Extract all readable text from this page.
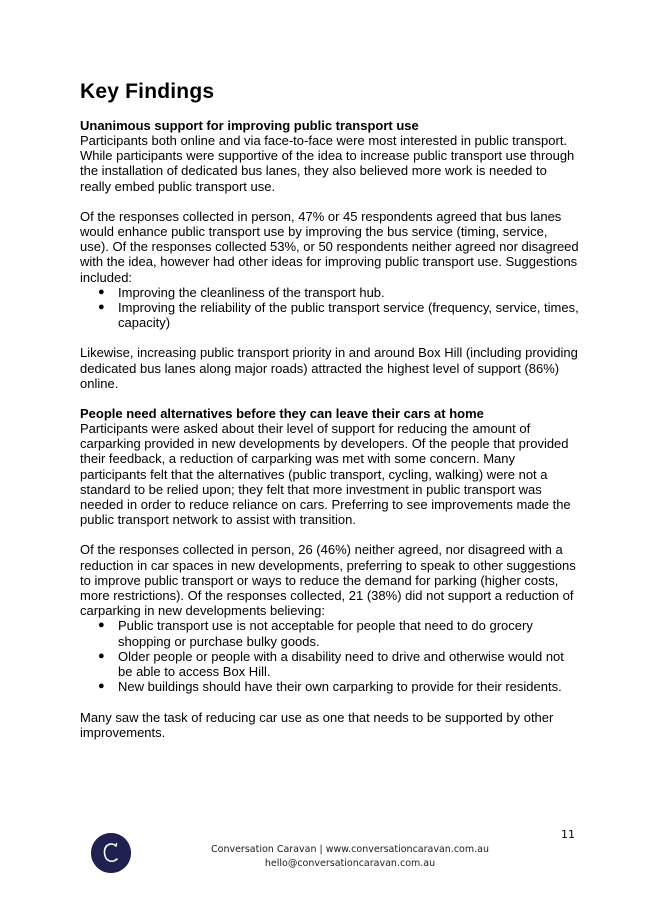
Key Findings
Unanimous support for improving public transport use

Participants both online and via face-to-face were most interested in public transport. While participants were supportive of the idea to increase public transport use through the installation of dedicated bus lanes, they also believed more work is needed to really embed public transport use.

Of the responses collected in person, 47% or 45 respondents agreed that bus lanes would enhance public transport use by improving the bus service (timing, service, use). Of the responses collected 53%, or 50 respondents neither agreed nor disagreed with the idea, however had other ideas for improving public transport use. Suggestions included:

● Improving the cleanliness of the transport hub.
● Improving the reliability of the public transport service (frequency, service, times, capacity)

Likewise, increasing public transport priority in and around Box Hill (including providing dedicated bus lanes along major roads) attracted the highest level of support (86%) online.

People need alternatives before they can leave their cars at home

Participants were asked about their level of support for reducing the amount of carparking provided in new developments by developers. Of the people that provided their feedback, a reduction of carparking was met with some concern. Many participants felt that the alternatives (public transport, cycling, walking) were not a standard to be relied upon; they felt that more investment in public transport was needed in order to reduce reliance on cars. Preferring to see improvements made the public transport network to assist with transition.

Of the responses collected in person, 26 (46%) neither agreed, nor disagreed with a reduction in car spaces in new developments, preferring to speak to other suggestions to improve public transport or ways to reduce the demand for parking (higher costs, more restrictions). Of the responses collected, 21 (38%) did not support a reduction of carparking in new developments believing:

● Public transport use is not acceptable for people that need to do grocery shopping or purchase bulky goods.
● Older people or people with a disability need to drive and otherwise would not be able to access Box Hill.
● New buildings should have their own carparking to provide for their residents.

Many saw the task of reducing car use as one that needs to be supported by other improvements.

11
Conversation Caravan | www.conversationcaravan.com.au
hello@conversationcaravan.com.au
